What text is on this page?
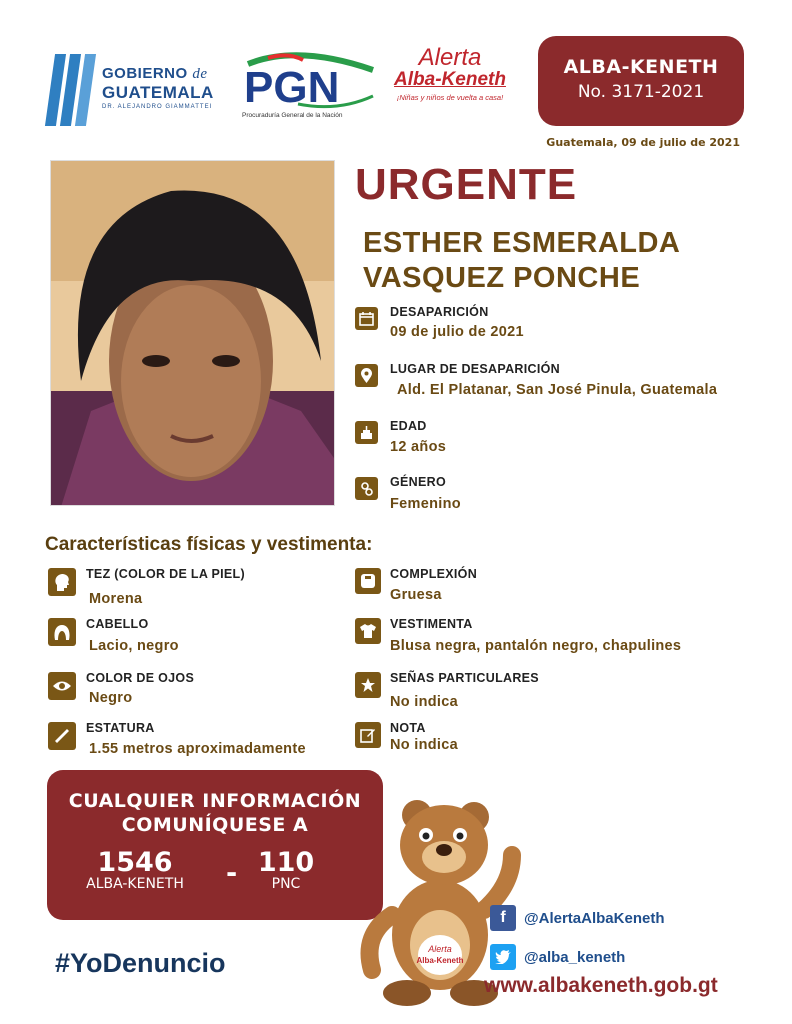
GOBIERNO de
GUATEMALA
DR. ALEJANDRO GIAMMATTEI PGN
Procuraduría General de la Nación
Alerta
Alba-Keneth
¡Niñas y niños de vuelta a casa!
ALBA-KENETH
No. 3171-2021
Guatemala, 09 de julio de 2021
URGENTE
ESTHER ESMERALDA
VASQUEZ PONCHE
DESAPARICIÓN
09 de julio de 2021
LUGAR DE DESAPARICIÓN
Ald. El Platanar, San José Pinula, Guatemala
EDAD
12 años
GÉNERO
Femenino
Características físicas y vestimenta:
TEZ (COLOR DE LA PIEL)
Morena
CABELLO
Lacio, negro
COLOR DE OJOS
Negro
ESTATURA
1.55 metros aproximadamente
COMPLEXIÓN
Gruesa
VESTIMENTA
Blusa negra, pantalón negro, chapulines
SEÑAS PARTICULARES
No indica
NOTA
No indica
CUALQUIER INFORMACIÓN
COMUNÍQUESE A
1546
ALBA-KENETH - 110
PNC
Alerta
Alba-Keneth
#YoDenuncio
f	@AlertaAlbaKeneth
@alba_keneth
www.albakeneth.gob.gt
